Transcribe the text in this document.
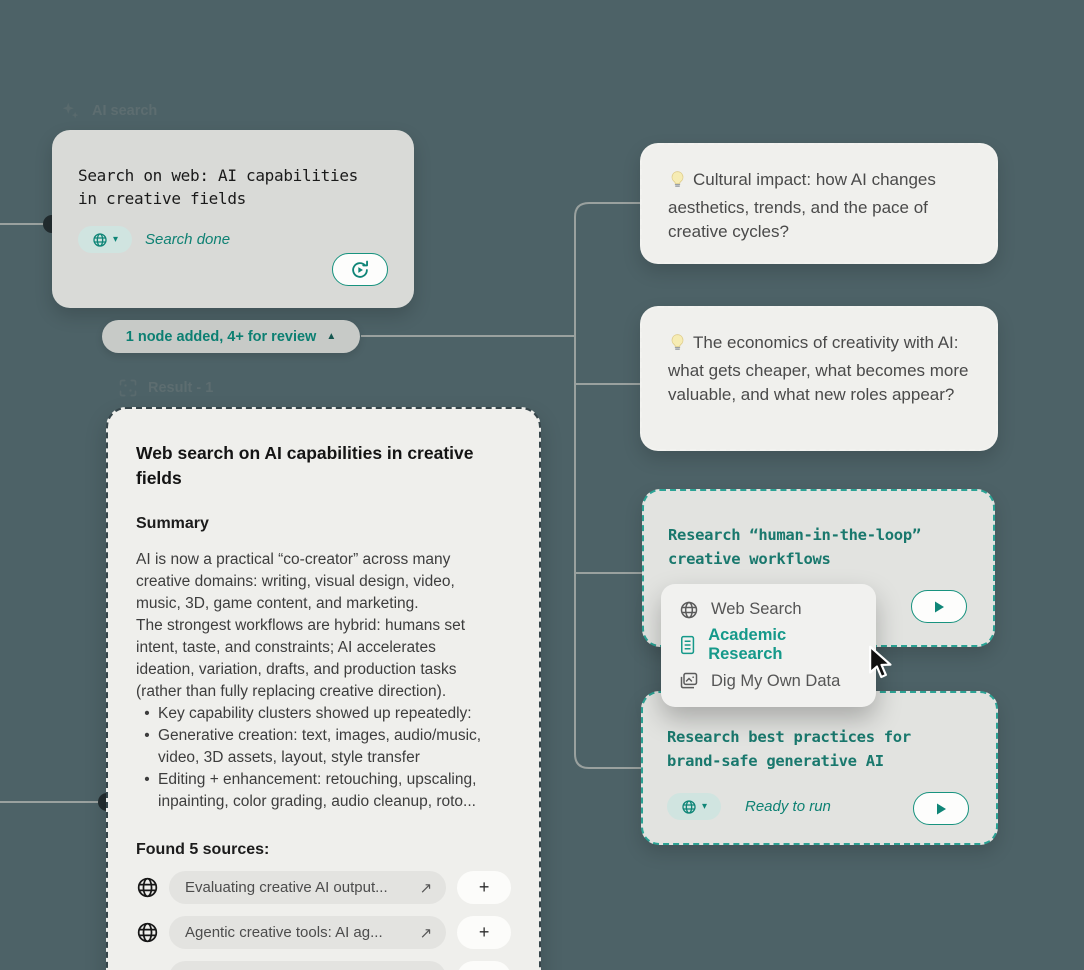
AI search
Search on web: AI capabilities in creative fields
▾ Search done
1 node added, 4+ for review ▲
Result - 1
Web search on AI capabilities in creative fields
Summary

AI is now a practical “co-creator” across many creative domains: writing, visual design, video, music, 3D, game content, and marketing.

The strongest workflows are hybrid: humans set intent, taste, and constraints; AI accelerates ideation, variation, drafts, and production tasks (rather than fully replacing creative direction).

• Key capability clusters showed up repeatedly:
• Generative creation: text, images, audio/music, video, 3D assets, layout, style transfer
• Editing + enhancement: retouching, upscaling, inpainting, color grading, audio cleanup, roto...
Found 5 sources:
Evaluating creative AI output...	↗	+
Agentic creative tools: AI ag...	↗	+
Cultural impact: how AI changes aesthetics, trends, and the pace of creative cycles?
The economics of creativity with AI: what gets cheaper, what becomes more valuable, and what new roles appear?
Research “human-in-the-loop” creative workflows
Research best practices for brand-safe generative AI
▾	Ready to run
Web Search
Academic Research
Dig My Own Data
